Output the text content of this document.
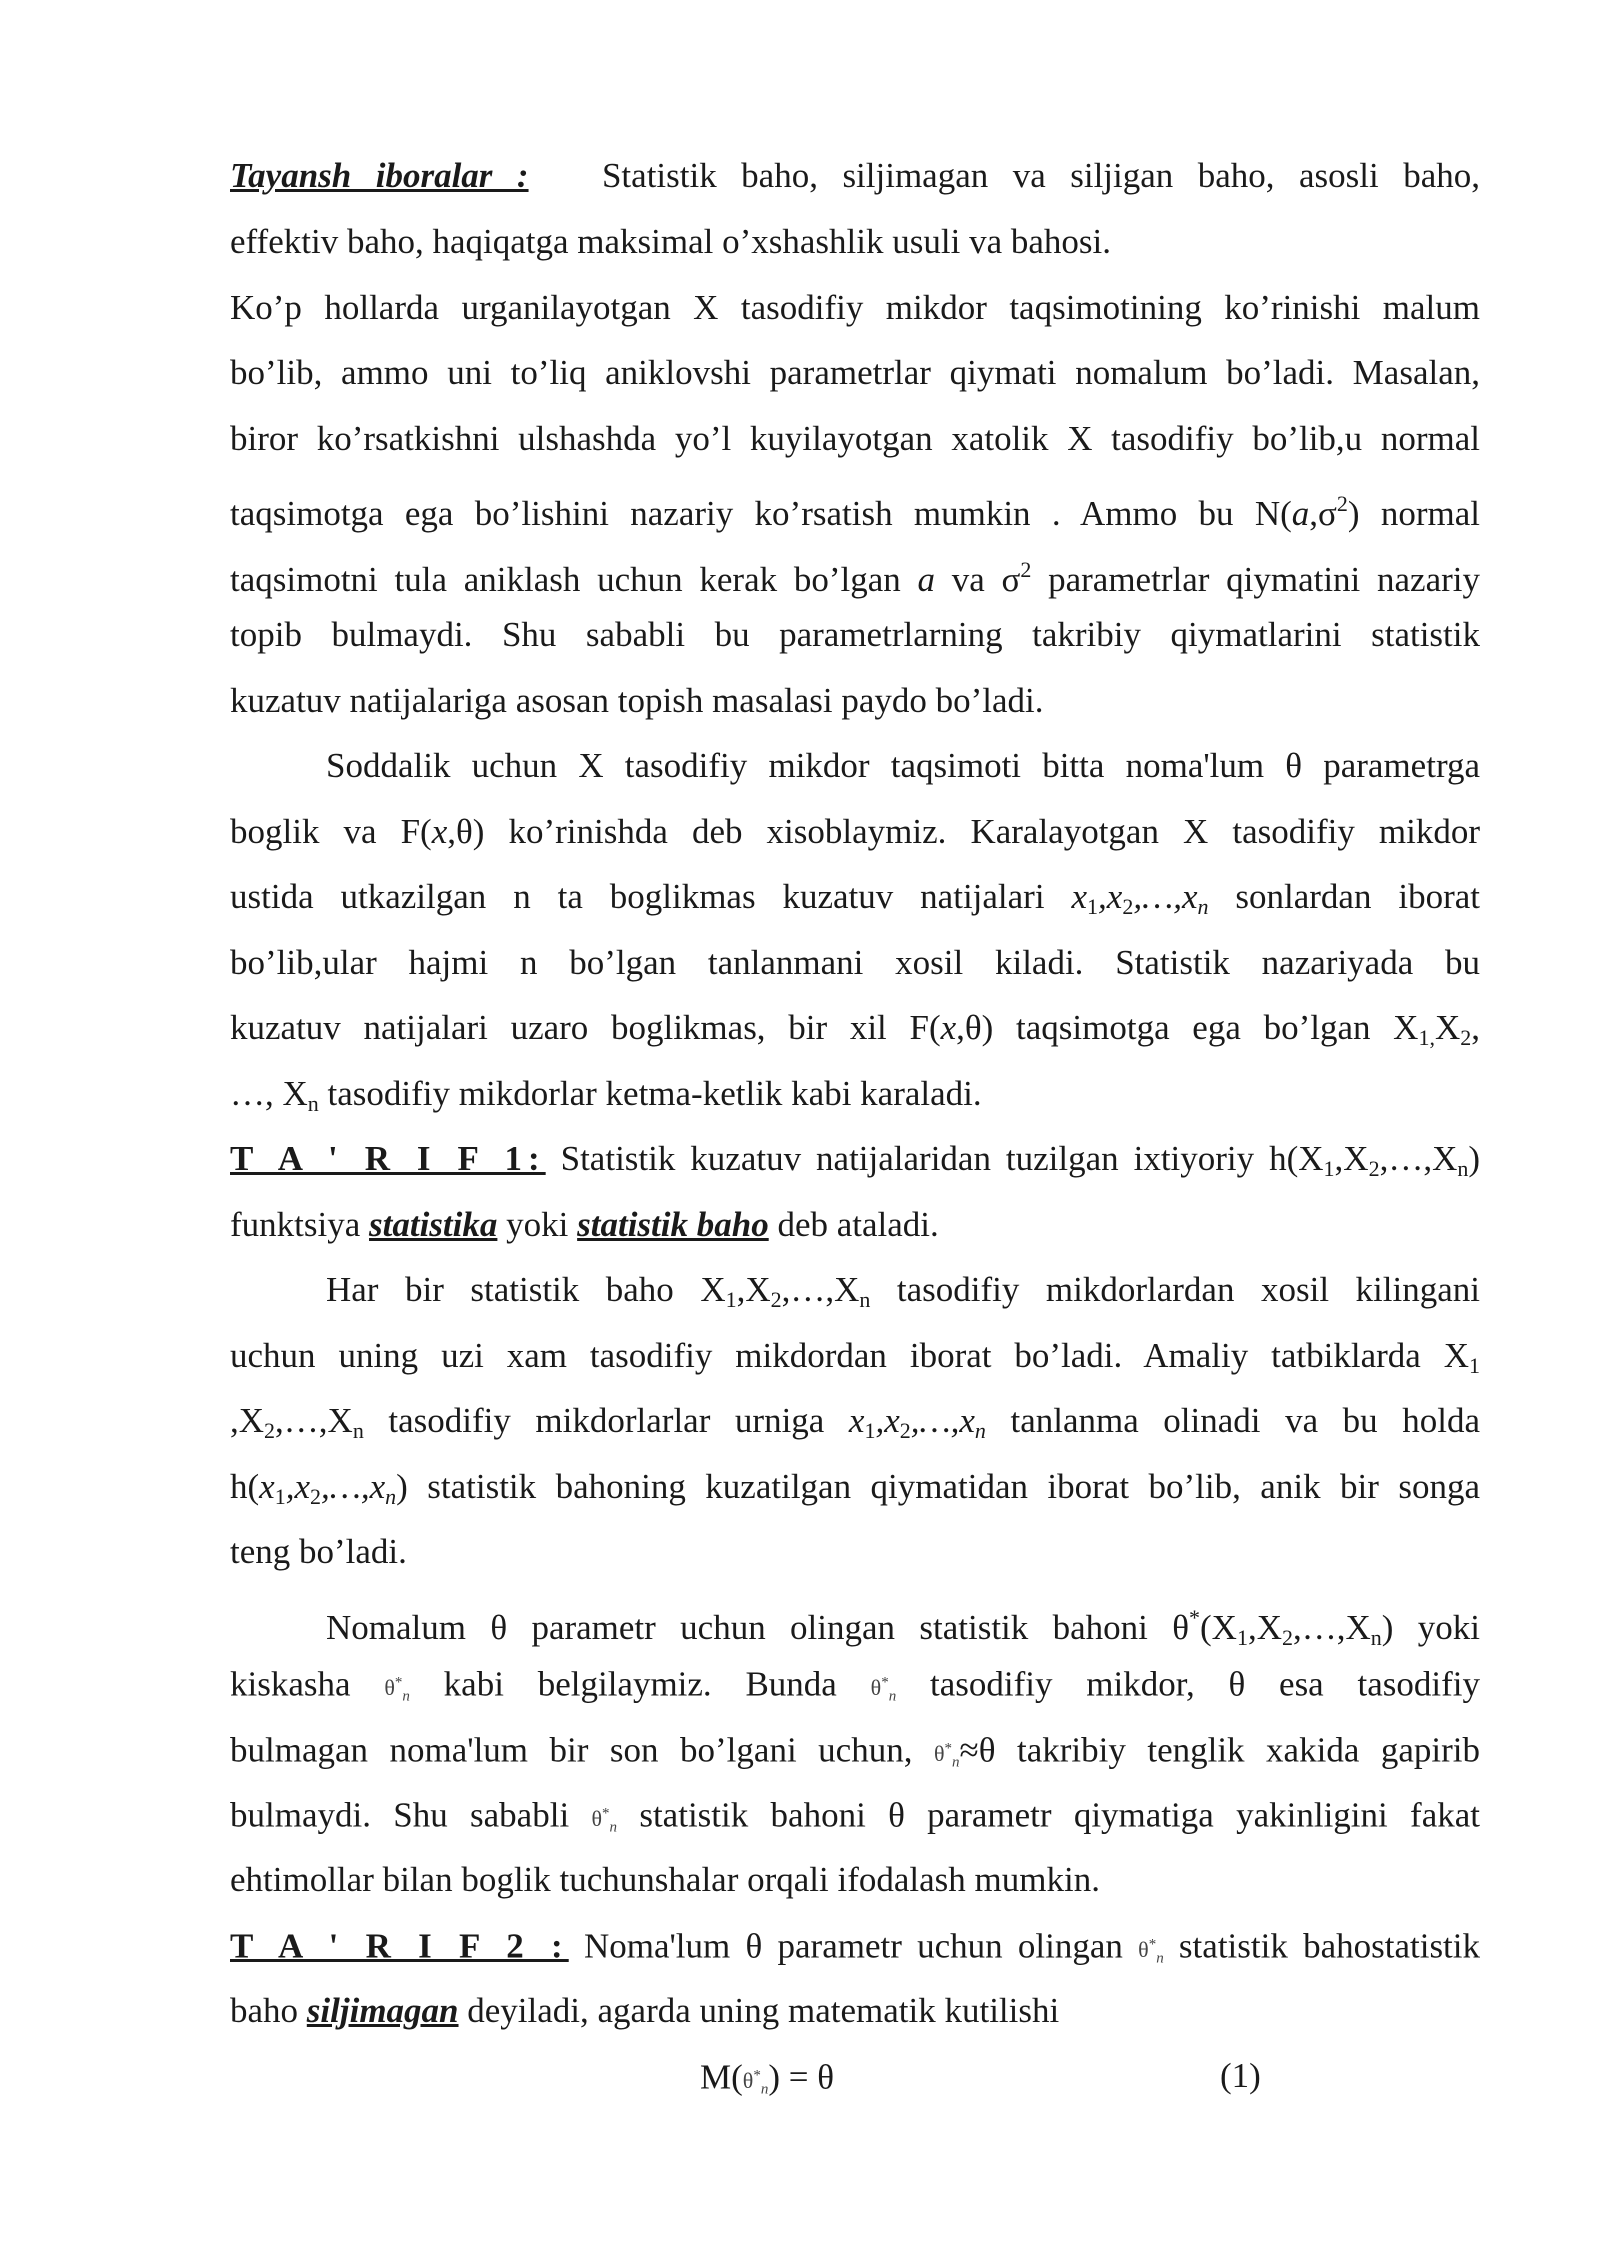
Tayansh iboralar : Statistik baho, siljimagan va siljigan baho, asosli baho,
effektiv baho, haqiqatga maksimal o’xshashlik usuli va bahosi.
Ko’p hollarda urganilayotgan X tasodifiy mikdor taqsimotining ko’rinishi malum
bo’lib, ammo uni to’liq aniklovshi parametrlar qiymati nomalum bo’ladi. Masalan,
biror ko’rsatkishni ulshashda yo’l kuyilayotgan xatolik X tasodifiy bo’lib,u normal
taqsimotga ega bo’lishini nazariy ko’rsatish mumkin . Ammo bu $N(a,\sigma^2)$ normal
taqsimotni tula aniklash uchun kerak bo’lgan a va $\sigma^2$ parametrlar qiymatini nazariy
topib bulmaydi. Shu sababli bu parametrlarning takribiy qiymatlarini statistik
kuzatuv natijalariga asosan topish masalasi paydo bo’ladi.
Soddalik uchun X tasodifiy mikdor taqsimoti bitta noma'lum θ parametrga
boglik va F(x,θ) ko’rinishda deb xisoblaymiz. Karalayotgan X tasodifiy mikdor
ustida utkazilgan n ta boglikmas kuzatuv natijalari $x_1,x_2,\dots,x_n$ sonlardan iborat
bo’lib,ular hajmi n bo’lgan tanlanmani xosil kiladi. Statistik nazariyada bu
kuzatuv natijalari uzaro boglikmas, bir xil F(x,θ) taqsimotga ega bo’lgan $X_{1,}X_2$,
…, $X_n$ tasodifiy mikdorlar ketma-ketlik kabi karaladi.
T A ' R I F 1: Statistik kuzatuv natijalaridan tuzilgan ixtiyoriy $h(X_1,X_2,\dots,X_n)$
funktsiya statistika yoki statistik baho deb ataladi.
Har bir statistik baho $X_1,X_2,\dots,X_n$ tasodifiy mikdorlardan xosil kilingani
uchun uning uzi xam tasodifiy mikdordan iborat bo’ladi. Amaliy tatbiklarda $X_1$
$,X_2,\dots,X_n$ tasodifiy mikdorlarlar urniga $x_1,x_2,\dots,x_n$ tanlanma olinadi va bu holda
$h(x_1,x_2,\dots,x_n)$ statistik bahoning kuzatilgan qiymatidan iborat bo’lib, anik bir songa
teng bo’ladi.
Nomalum θ parametr uchun olingan statistik bahoni $\theta^*(X_1,X_2,\dots,X_n)$ yoki
kiskasha $\theta^*_n$ kabi belgilaymiz. Bunda $\theta^*_n$ tasodifiy mikdor, θ esa tasodifiy
bulmagan noma'lum bir son bo’lgani uchun, $\theta^*_n\approx\theta$ takribiy tenglik xakida gapirib
bulmaydi. Shu sababli $\theta^*_n$ statistik bahoni θ parametr qiymatiga yakinligini fakat
ehtimollar bilan boglik tuchunshalar orqali ifodalash mumkin.
T A ' R I F 2 : Noma'lum θ parametr uchun olingan $\theta^*_n$ statistik bahostatistik
baho siljimagan deyiladi, agarda uning matematik kutilishi
$M(\theta^*_n) = \theta$	(1)
